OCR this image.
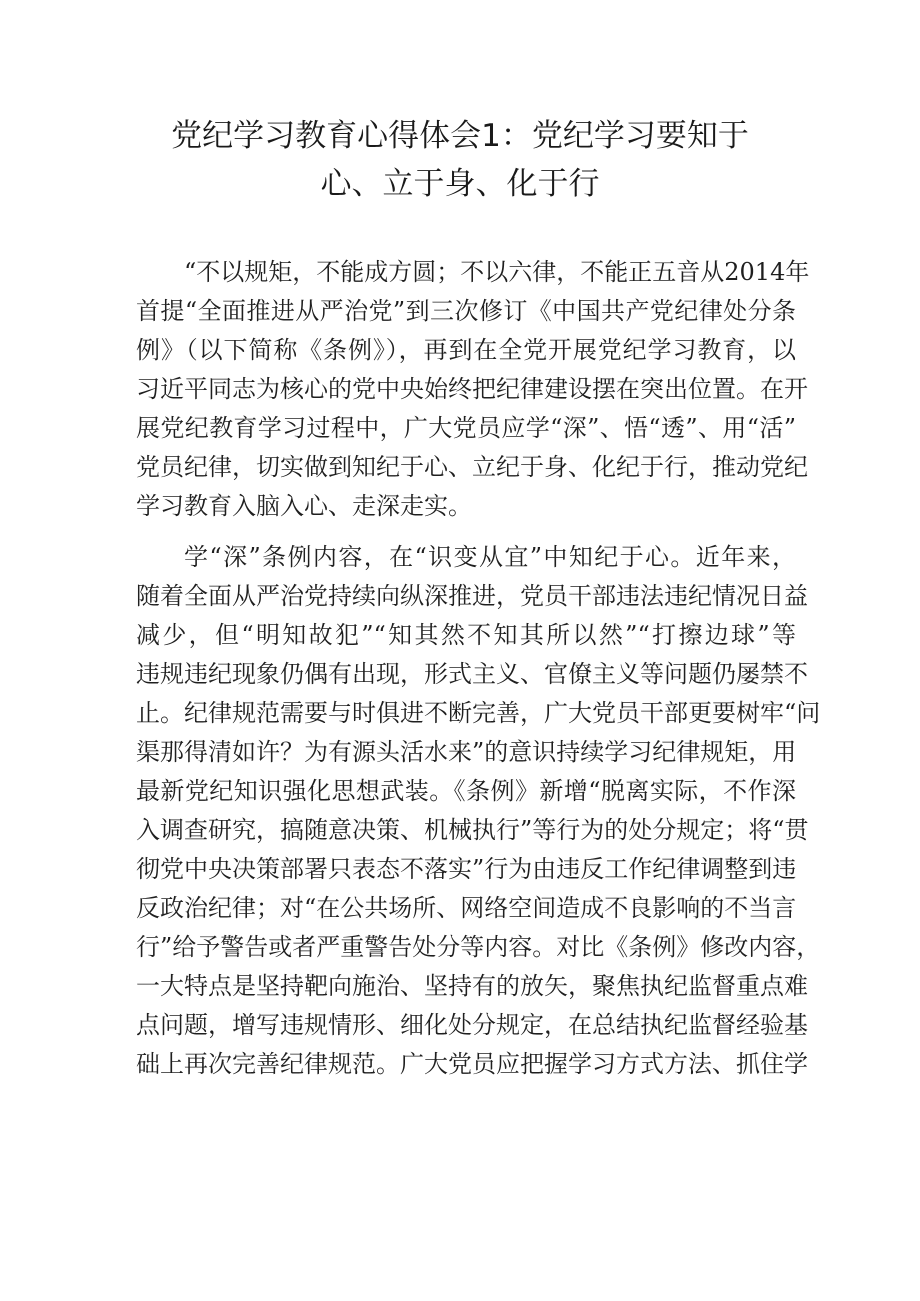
党纪学习教育心得体会1：党纪学习要知于
心、立于身、化于行
“不以规矩，不能成方圆；不以六律，不能正五音从2014年
首提“全面推进从严治党”到三次修订《中国共产党纪律处分条
例》（以下简称《条例》），再到在全党开展党纪学习教育，以
习近平同志为核心的党中央始终把纪律建设摆在突出位置。在开
展党纪教育学习过程中，广大党员应学“深”、悟“透”、用“活”
党员纪律，切实做到知纪于心、立纪于身、化纪于行，推动党纪
学习教育入脑入心、走深走实。
学“深”条例内容，在“识变从宜”中知纪于心。近年来，
随着全面从严治党持续向纵深推进，党员干部违法违纪情况日益
减少，但“明知故犯”“知其然不知其所以然”“打擦边球”等
违规违纪现象仍偶有出现，形式主义、官僚主义等问题仍屡禁不
止。纪律规范需要与时俱进不断完善，广大党员干部更要树牢“问
渠那得清如许？为有源头活水来”的意识持续学习纪律规矩，用
最新党纪知识强化思想武装。《条例》新增“脱离实际，不作深
入调查研究，搞随意决策、机械执行”等行为的处分规定；将“贯
彻党中央决策部署只表态不落实”行为由违反工作纪律调整到违
反政治纪律；对“在公共场所、网络空间造成不良影响的不当言
行”给予警告或者严重警告处分等内容。对比《条例》修改内容，
一大特点是坚持靶向施治、坚持有的放矢，聚焦执纪监督重点难
点问题，增写违规情形、细化处分规定，在总结执纪监督经验基
础上再次完善纪律规范。广大党员应把握学习方式方法、抓住学
